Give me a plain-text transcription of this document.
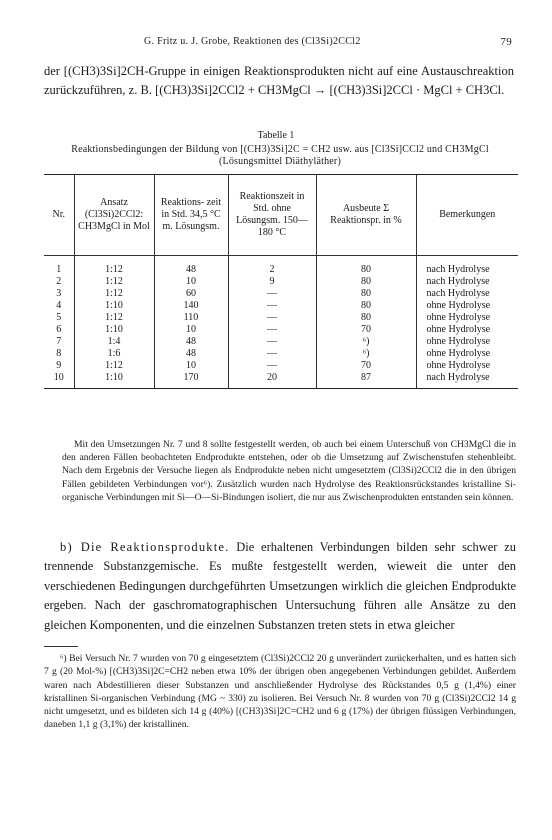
G. Fritz u. J. Grobe, Reaktionen des (Cl3Si)2CCl2	79

der [(CH3)3Si]2CH-Gruppe in einigen Reaktionsprodukten nicht auf eine Austauschreaktion zurückzuführen, z. B. [(CH3)3Si]2CCl2 + CH3MgCl → [(CH3)3Si]2CCl · MgCl + CH3Cl.

Tabelle 1
Reaktionsbedingungen der Bildung von [(CH3)3Si]2C = CH2 usw. aus [Cl3Si]CCl2 und CH3MgCl (Lösungsmittel Diäthyläther)
Nr.	Ansatz (Cl3Si)2CCl2: CH3MgCl in Mol	Reaktions- zeit in Std. 34,5 °C m. Lösungsm.	Reaktionszeit in Std. ohne Lösungsm. 150—180 °C	Ausbeute Σ Reaktionspr. in %	Bemerkungen

1	1:12	48	2	80	nach Hydrolyse
2	1:12	10	9	80	nach Hydrolyse
3	1:12	60	—	80	nach Hydrolyse
4	1:10	140	—	80	ohne Hydrolyse
5	1:12	110	—	80	ohne Hydrolyse
6	1:10	10	—	70	ohne Hydrolyse
7	1:4	48	—	⁶)	ohne Hydrolyse
8	1:6	48	—	⁶)	ohne Hydrolyse
9	1:12	10	—	70	ohne Hydrolyse
10	1:10	170	20	87	nach Hydrolyse

Mit den Umsetzungen Nr. 7 und 8 sollte festgestellt werden, ob auch bei einem Unterschuß von CH3MgCl die in den anderen Fällen beobachteten Endprodukte entstehen, oder ob die Umsetzung auf Zwischenstufen stehenbleibt. Nach dem Ergebnis der Versuche liegen als Endprodukte neben nicht umgesetztem (Cl3Si)2CCl2 die in den übrigen Fällen gebildeten Verbindungen vor⁶). Zusätzlich wurden nach Hydrolyse des Reaktionsrückstandes kristalline Si-organische Verbindungen mit Si—O—Si-Bindungen isoliert, die nur aus Zwischenprodukten entstanden sein können.

b) Die Reaktionsprodukte. Die erhaltenen Verbindungen bilden sehr schwer zu trennende Substanzgemische. Es mußte festgestellt werden, wieweit die unter den verschiedenen Bedingungen durchgeführten Umsetzungen wirklich die gleichen Endprodukte ergeben. Nach der gaschromatographischen Untersuchung führen alle Ansätze zu den gleichen Komponenten, und die einzelnen Substanzen treten stets in etwa gleicher

⁶) Bei Versuch Nr. 7 wurden von 70 g eingesetztem (Cl3Si)2CCl2 20 g unverändert zurückerhalten, und es hatten sich 7 g (20 Mol-%) [(CH3)3Si]2C=CH2 neben etwa 10% der übrigen oben angegebenen Verbindungen gebildet. Außerdem waren nach Abdestillieren dieser Substanzen und anschließender Hydrolyse des Rückstandes 0,5 g (1,4%) einer kristallinen Si-organischen Verbindung (MG ~ 330) zu isolieren. Bei Versuch Nr. 8 wurden von 70 g (Cl3Si)2CCl2 14 g nicht umgesetzt, und es bildeten sich 14 g (40%) [(CH3)3Si]2C=CH2 und 6 g (17%) der übrigen flüssigen Verbindungen, daneben 1,1 g (3,1%) der kristallinen.
